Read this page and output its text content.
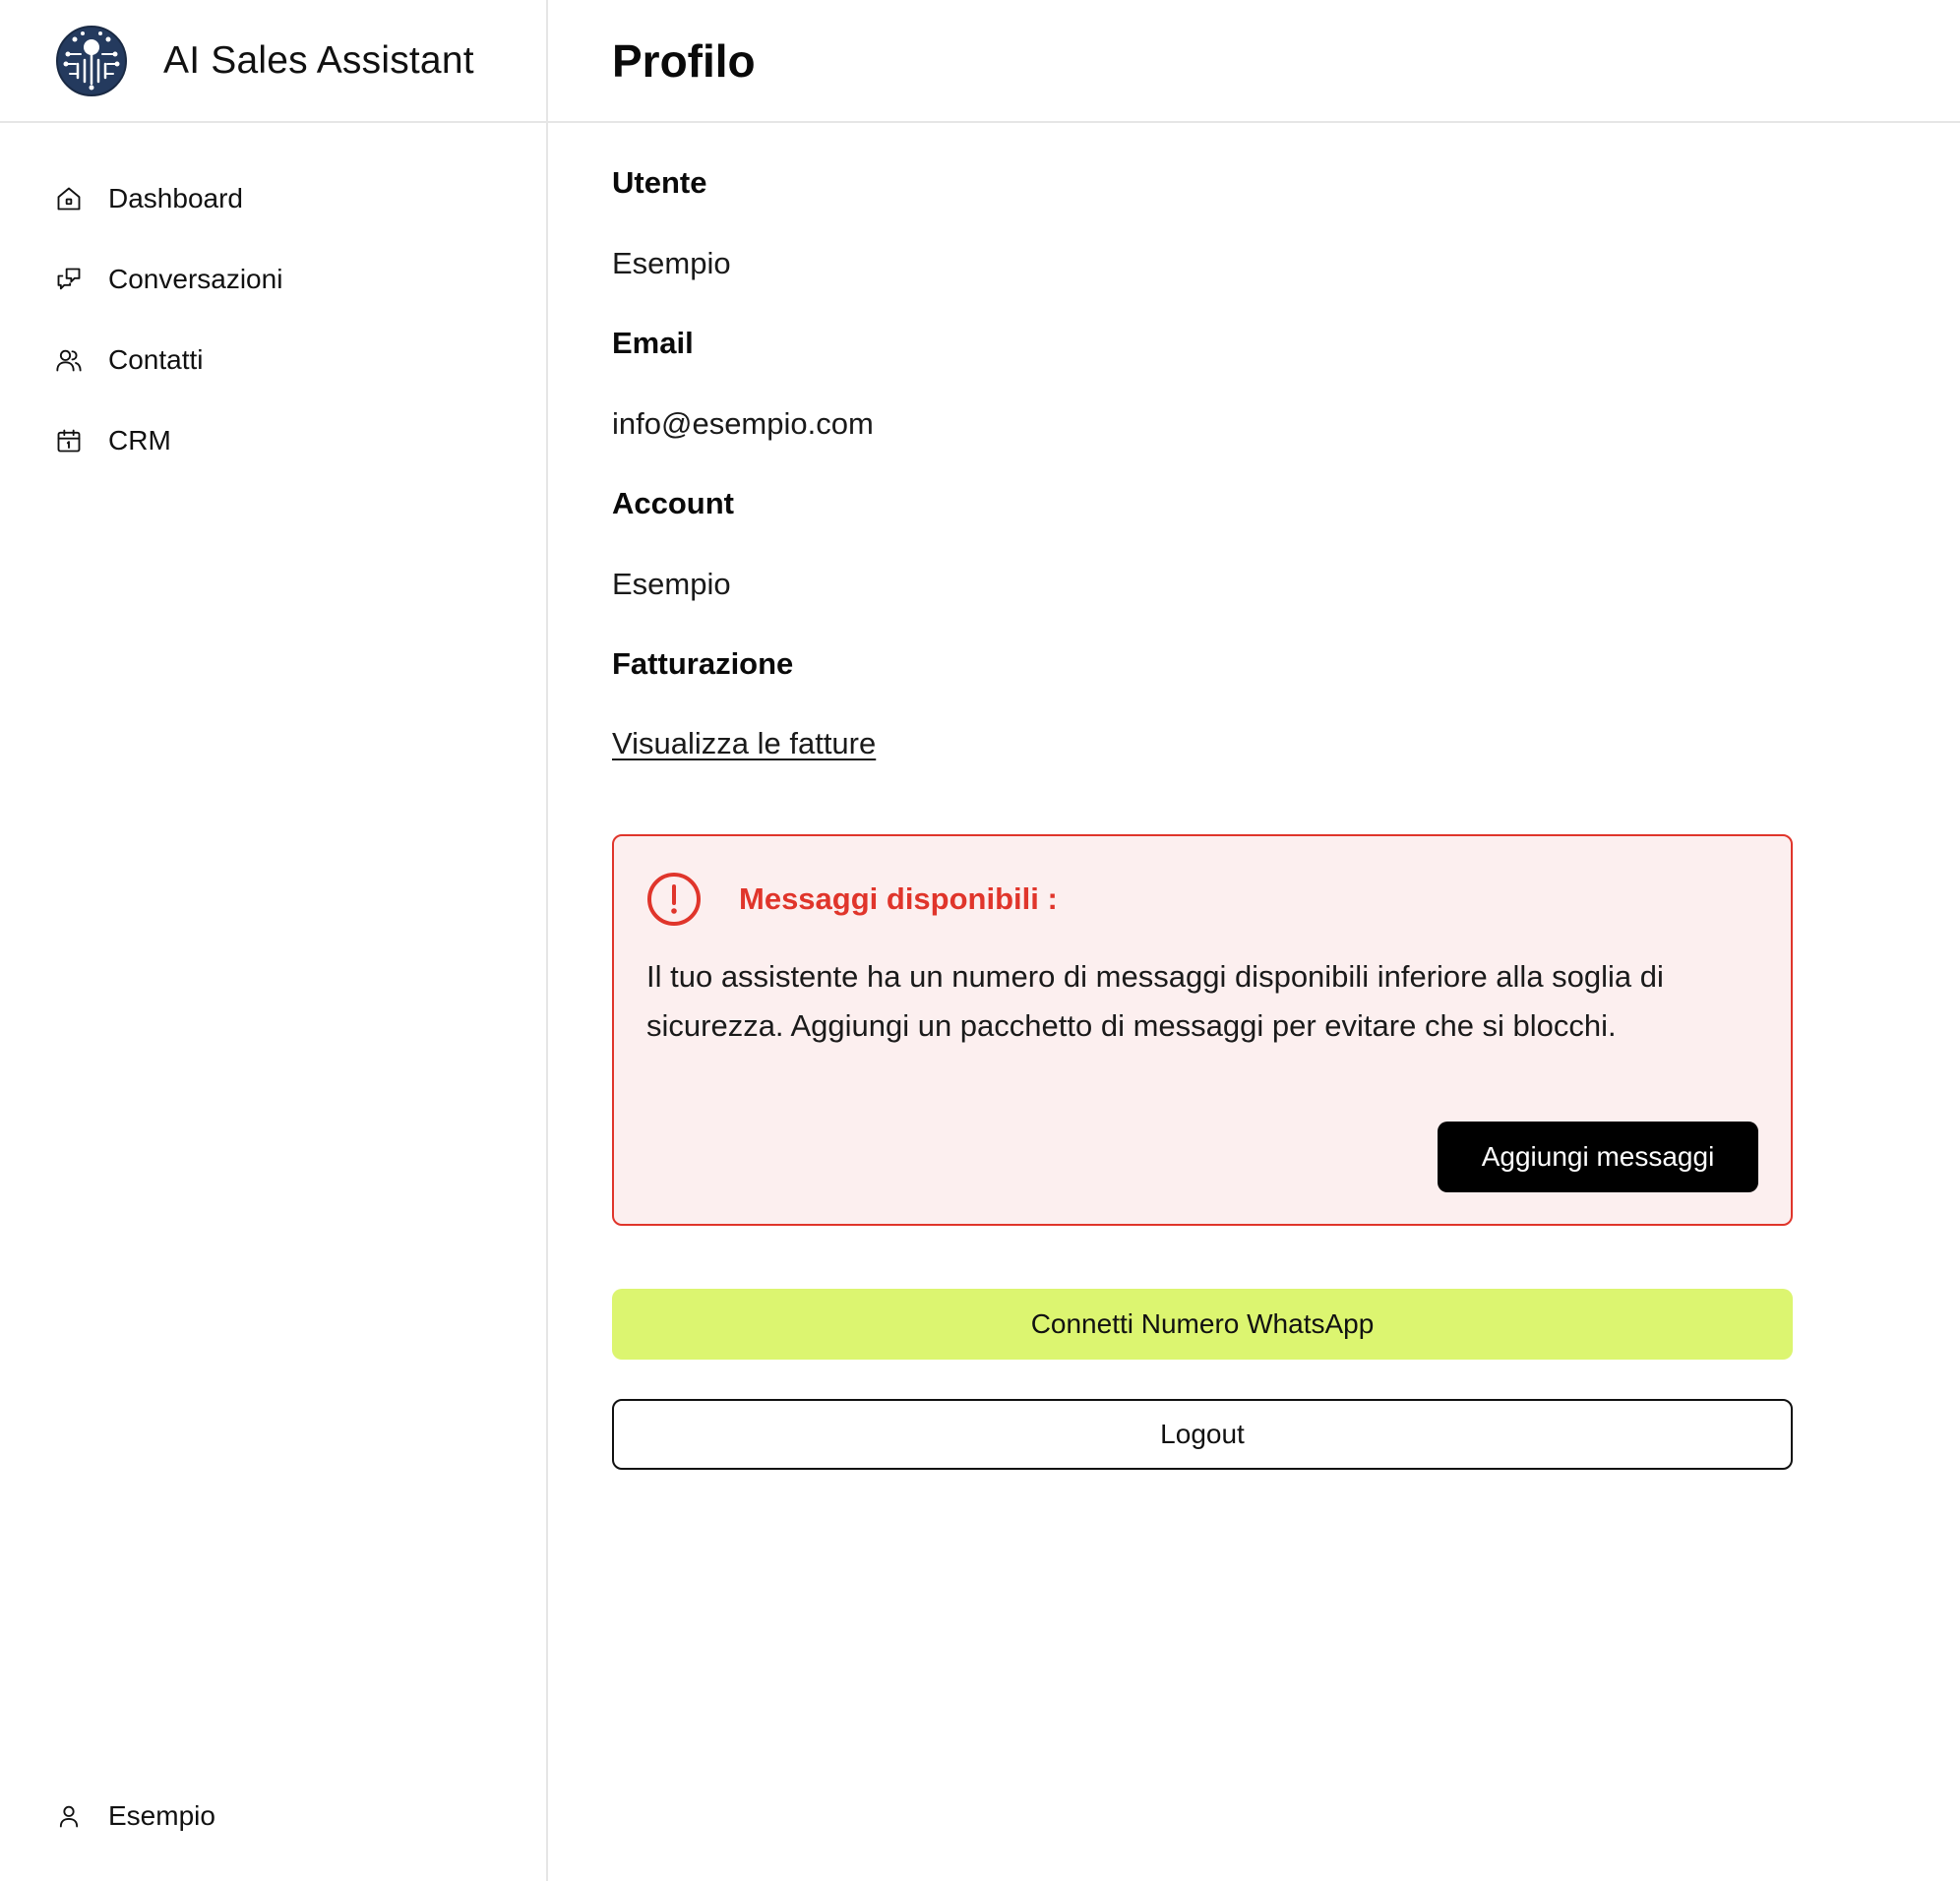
AI Sales Assistant
Dashboard
Conversazioni
Contatti
CRM
Esempio
Profilo
Utente
Esempio
Email
info@esempio.com
Account
Esempio
Fatturazione
Visualizza le fatture
Messaggi disponibili :

Il tuo assistente ha un numero di messaggi disponibili inferiore alla soglia di sicurezza. Aggiungi un pacchetto di messaggi per evitare che si blocchi.

Aggiungi messaggi
Connetti Numero WhatsApp
Logout
